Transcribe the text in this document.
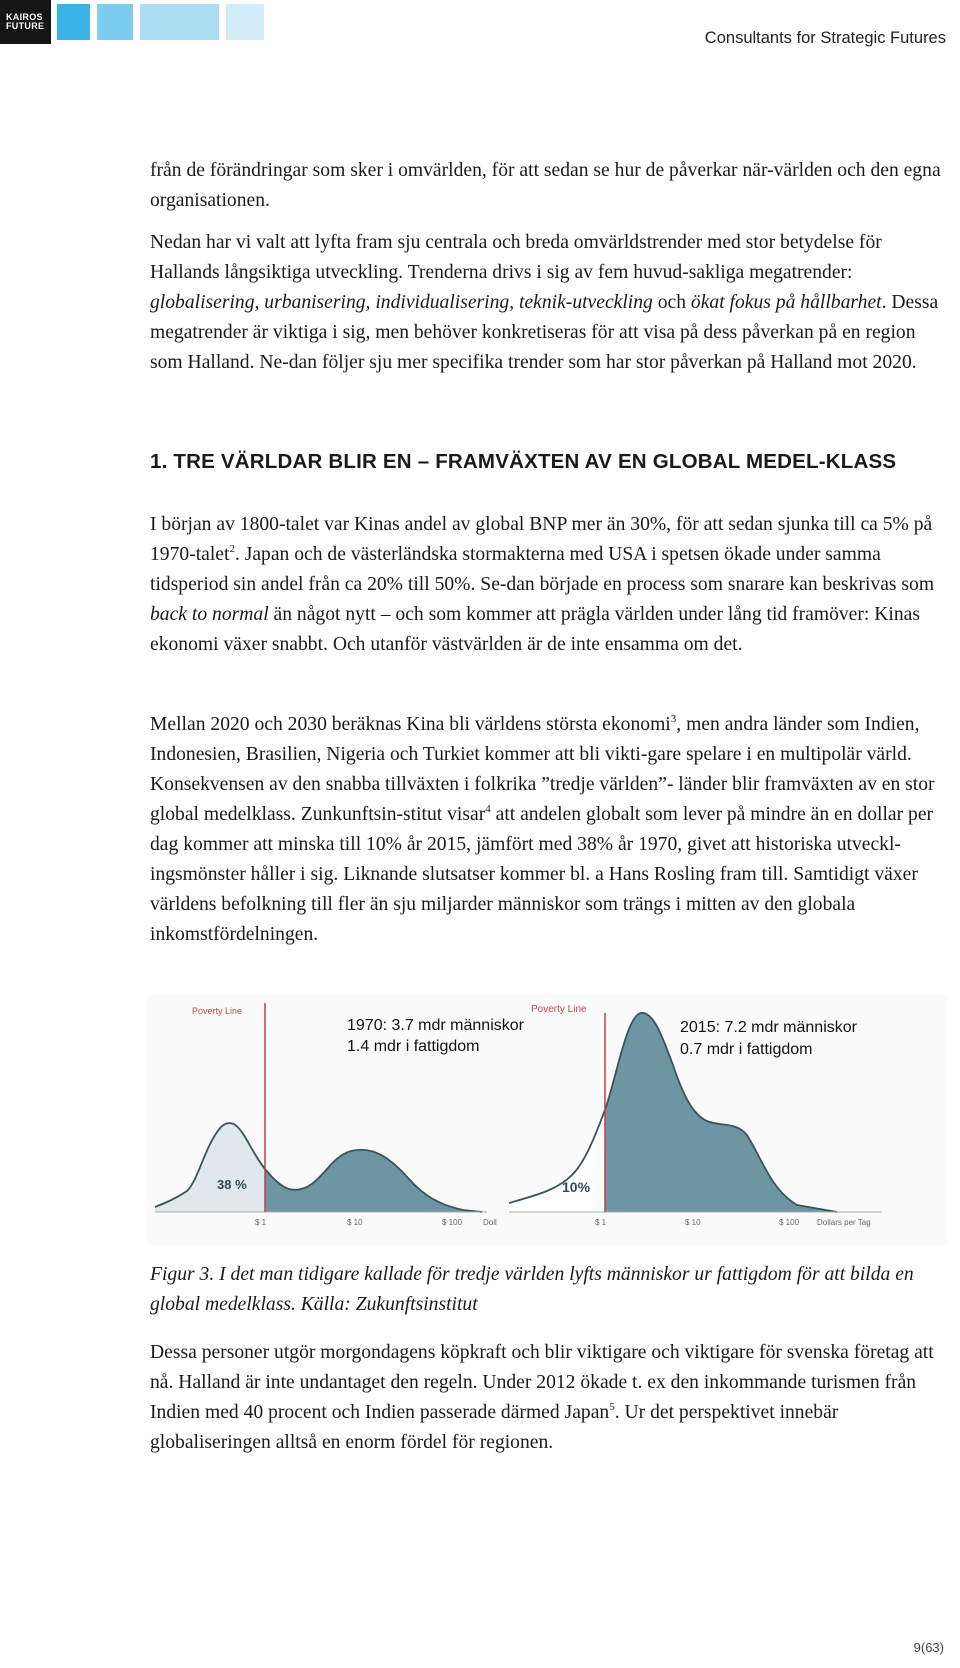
KAIROS
FUTURE
Consultants for Strategic Futures

från de förändringar som sker i omvärlden, för att sedan se hur de påverkar när-världen och den egna organisationen.

Nedan har vi valt att lyfta fram sju centrala och breda omvärldstrender med stor betydelse för Hallands långsiktiga utveckling. Trenderna drivs i sig av fem huvud-sakliga megatrender: globalisering, urbanisering, individualisering, teknik-utveckling och ökat fokus på hållbarhet. Dessa megatrender är viktiga i sig, men behöver konkretiseras för att visa på dess påverkan på en region som Halland. Ne-dan följer sju mer specifika trender som har stor påverkan på Halland mot 2020.

1. TRE VÄRLDAR BLIR EN – FRAMVÄXTEN AV EN GLOBAL MEDEL-KLASS

I början av 1800-talet var Kinas andel av global BNP mer än 30%, för att sedan sjunka till ca 5% på 1970-talet$^2$. Japan och de västerländska stormakterna med USA i spetsen ökade under samma tidsperiod sin andel från ca 20% till 50%. Se-dan började en process som snarare kan beskrivas som back to normal än något nytt – och som kommer att prägla världen under lång tid framöver: Kinas ekonomi växer snabbt. Och utanför västvärlden är de inte ensamma om det.

Mellan 2020 och 2030 beräknas Kina bli världens största ekonomi$^3$, men andra länder som Indien, Indonesien, Brasilien, Nigeria och Turkiet kommer att bli vikti-gare spelare i en multipolär värld. Konsekvensen av den snabba tillväxten i folkrika ”tredje världen”- länder blir framväxten av en stor global medelklass. Zunkunftsin-stitut visar$^4$ att andelen globalt som lever på mindre än en dollar per dag kommer att minska till 10% år 2015, jämfört med 38% år 1970, givet att historiska utveckl-ingsmönster håller i sig. Liknande slutsatser kommer bl. a Hans Rosling fram till. Samtidigt växer världens befolkning till fler än sju miljarder människor som trängs i mitten av den globala inkomstfördelningen.

Poverty Line
38 %
$ 1	$ 10	$ 100	Doll
1970: 3.7 mdr människor
1.4 mdr i fattigdom
Poverty Line
10%
$ 1	$ 10	$ 100 Dollars per Tag
2015: 7.2 mdr människor
0.7 mdr i fattigdom

Figur 3. I det man tidigare kallade för tredje världen lyfts människor ur fattigdom för att bilda en global medelklass. Källa: Zukunftsinstitut

Dessa personer utgör morgondagens köpkraft och blir viktigare och viktigare för svenska företag att nå. Halland är inte undantaget den regeln. Under 2012 ökade t. ex den inkommande turismen från Indien med 40 procent och Indien passerade därmed Japan$^5$. Ur det perspektivet innebär globaliseringen alltså en enorm fördel för regionen.

9(63)
